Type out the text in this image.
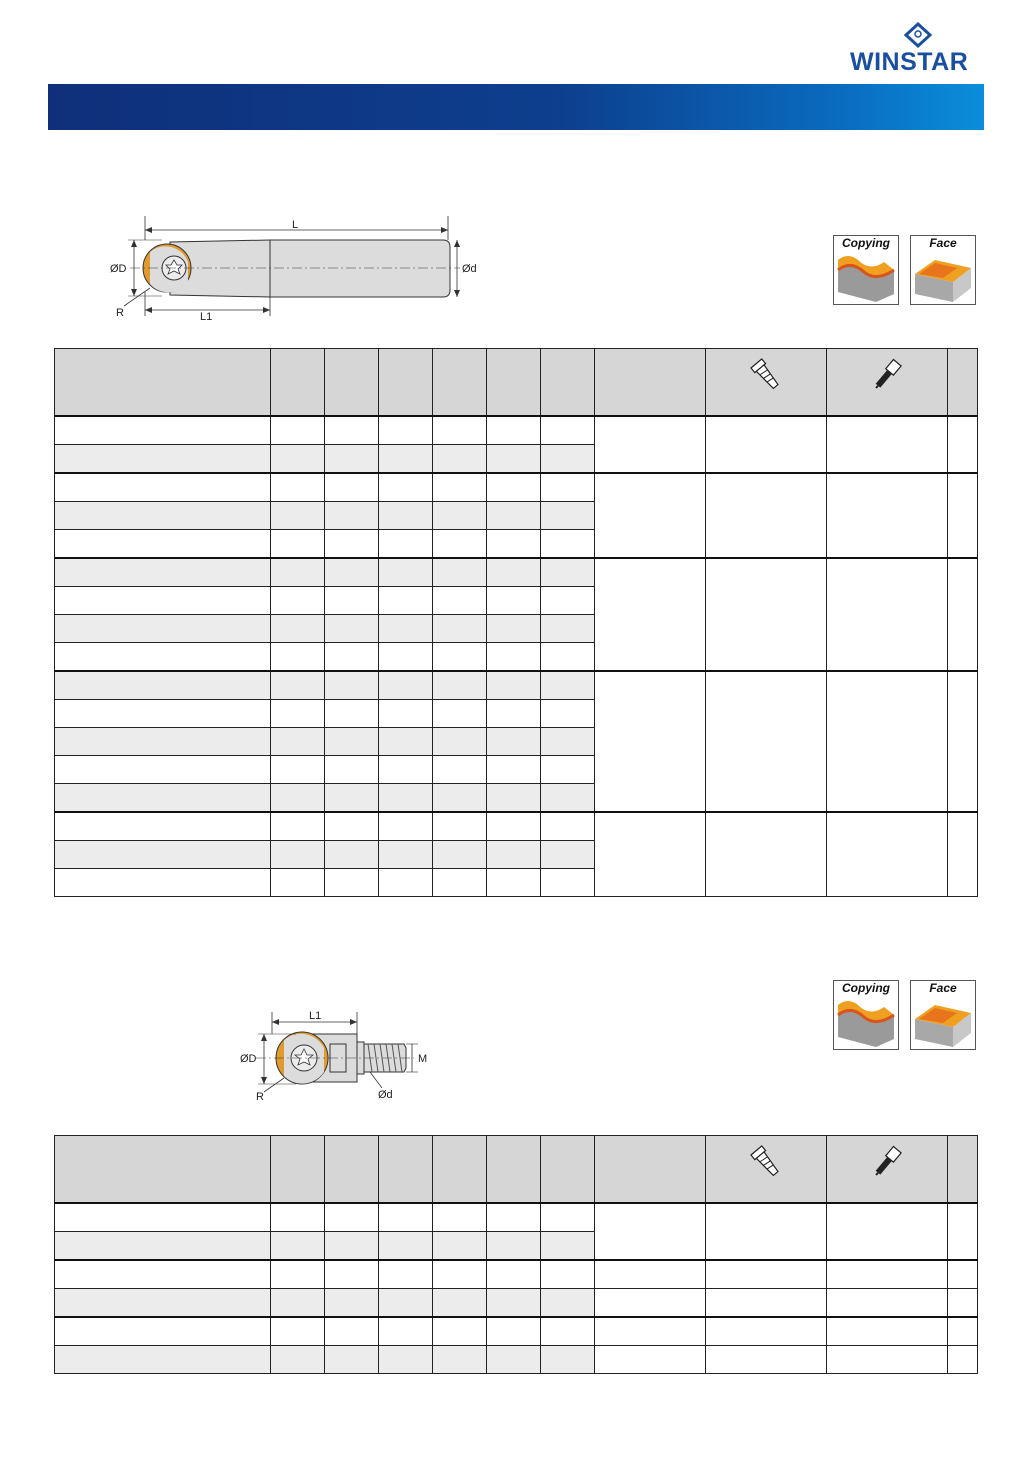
WINSTAR
L
ØD	Ød
L1
R
Copying	Face

L1
ØD	M
Ød
R
Copying	Face
